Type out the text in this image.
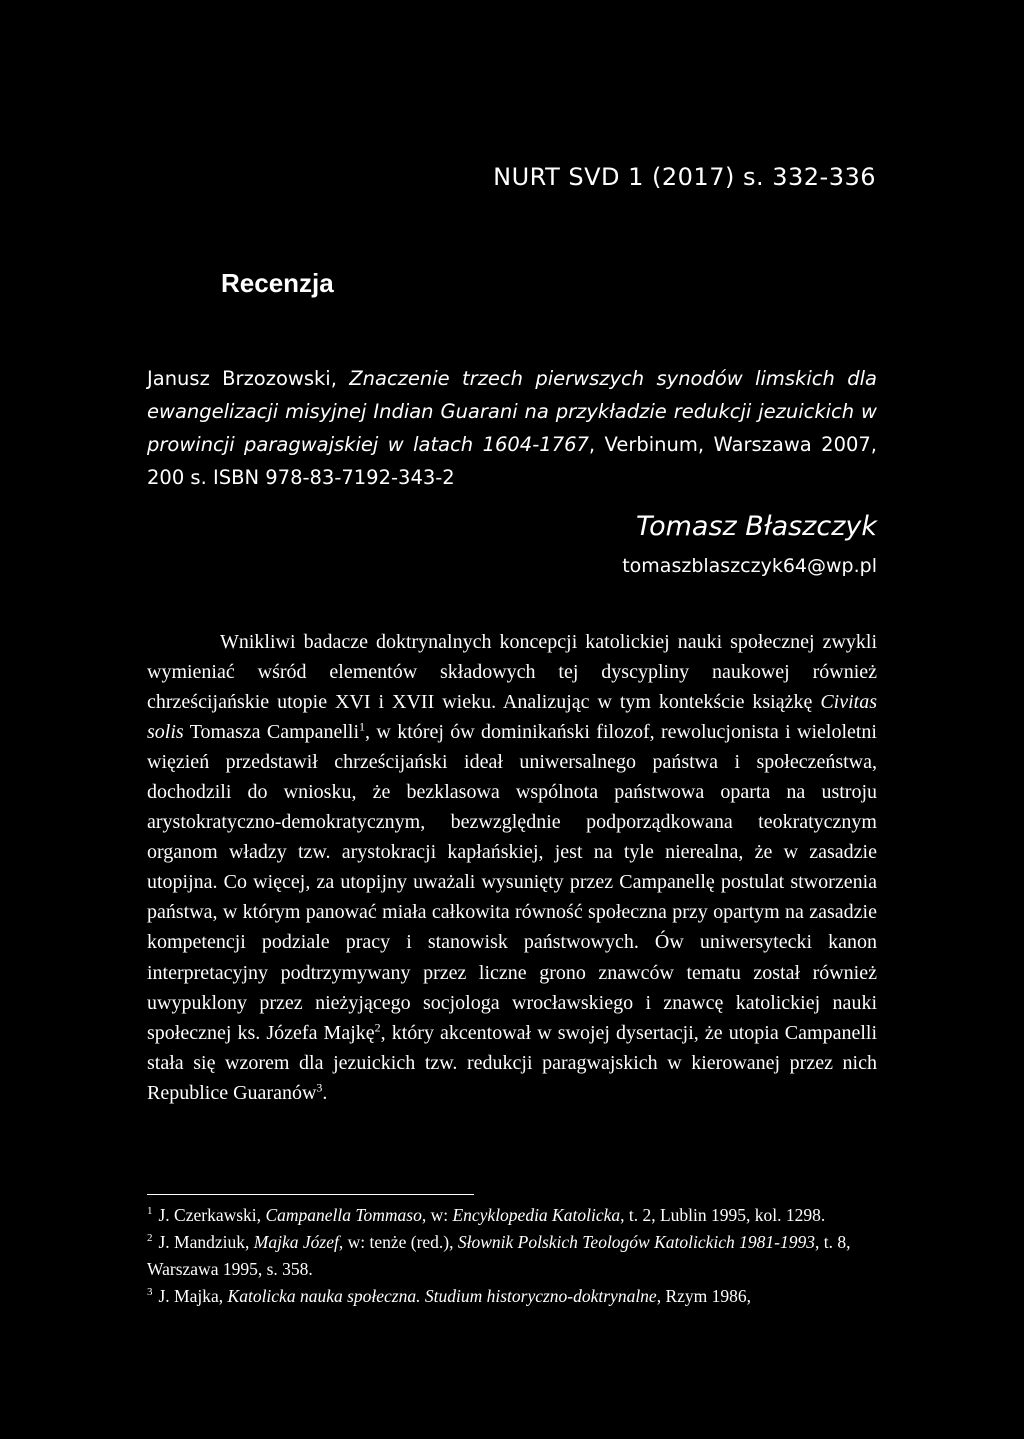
NURT SVD 1 (2017) s. 332-336
Recenzja
Janusz Brzozowski, Znaczenie trzech pierwszych synodów limskich dla ewangelizacji misyjnej Indian Guarani na przykładzie redukcji jezuickich w prowincji paragwajskiej w latach 1604-1767, Verbinum, Warszawa 2007, 200 s. ISBN 978-83-7192-343-2
Tomasz Błaszczyk
tomaszblaszczyk64@wp.pl

Wnikliwi badacze doktrynalnych koncepcji katolickiej nauki społecznej zwykli wymieniać wśród elementów składowych tej dyscypliny naukowej również chrześcijańskie utopie XVI i XVII wieku. Analizując w tym kontekście książkę Civitas solis Tomasza Campanelli$^1$, w której ów dominikański filozof, rewolucjonista i wieloletni więzień przedstawił chrześcijański ideał uniwersalnego państwa i społeczeństwa, dochodzili do wniosku, że bezklasowa wspólnota państwowa oparta na ustroju arystokratyczno-demokratycznym, bezwzględnie podporządkowana teokratycznym organom władzy tzw. arystokracji kapłańskiej, jest na tyle nierealna, że w zasadzie utopijna. Co więcej, za utopijny uważali wysunięty przez Campanellę postulat stworzenia państwa, w którym panować miała całkowita równość społeczna przy opartym na zasadzie kompetencji podziale pracy i stanowisk państwowych. Ów uniwersytecki kanon interpretacyjny podtrzymywany przez liczne grono znawców tematu został również uwypuklony przez nieżyjącego socjologa wrocławskiego i znawcę katolickiej nauki społecznej ks. Józefa Majkę$^2$, który akcentował w swojej dysertacji, że utopia Campanelli stała się wzorem dla jezuickich tzw. redukcji paragwajskich w kierowanej przez nich Republice Guaranów$^3$.

$^1$ J. Czerkawski, Campanella Tommaso, w: Encyklopedia Katolicka, t. 2, Lublin 1995, kol. 1298.
$^2$ J. Mandziuk, Majka Józef, w: tenże (red.), Słownik Polskich Teologów Katolickich 1981-1993, t. 8, Warszawa 1995, s. 358.
$^3$ J. Majka, Katolicka nauka społeczna. Studium historyczno-doktrynalne, Rzym 1986,
